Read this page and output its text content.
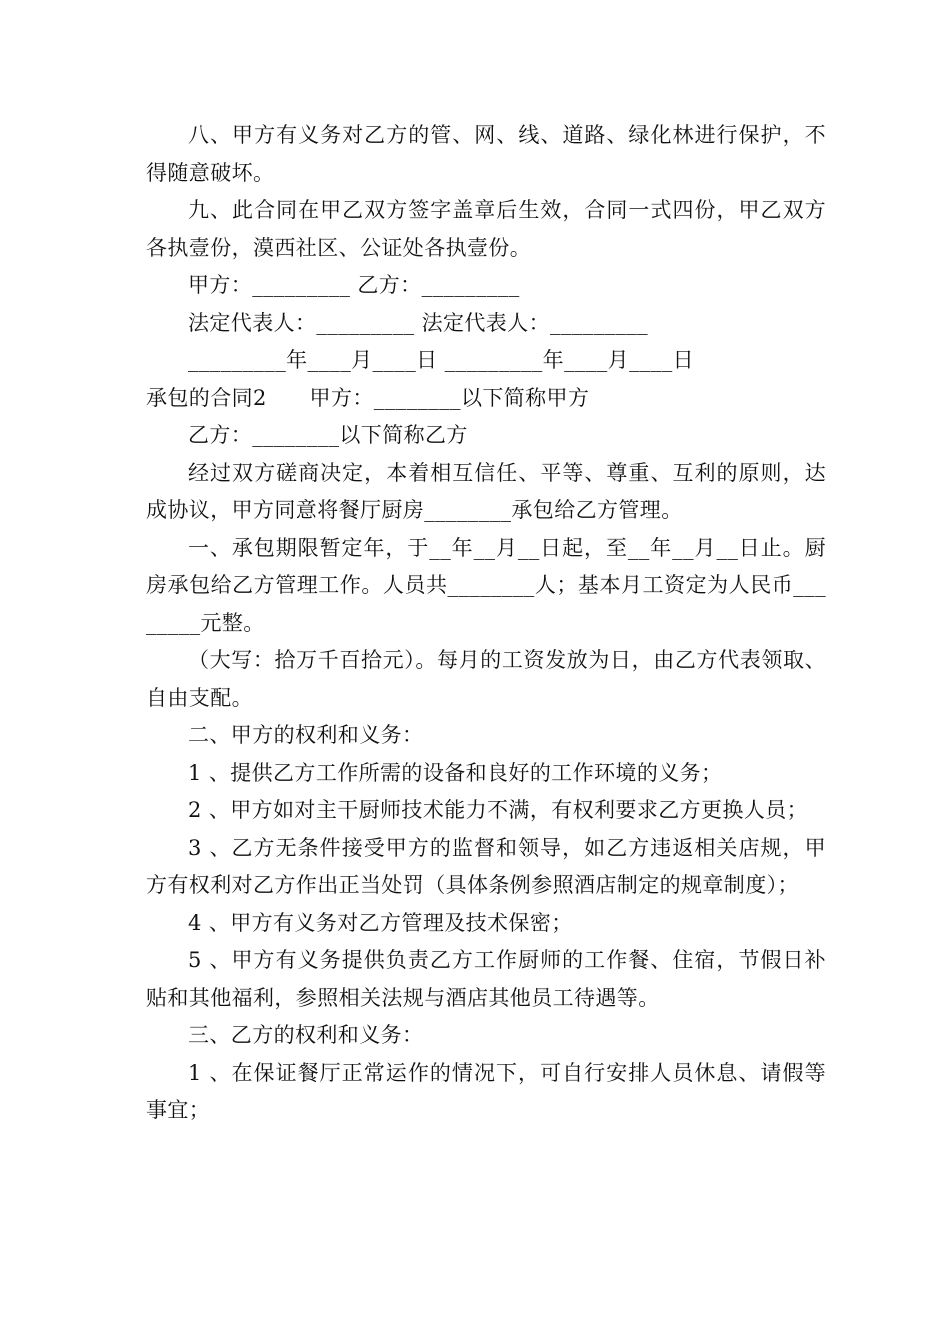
八、甲方有义务对乙方的管、网、线、道路、绿化林进行保护，不得随意破坏。

九、此合同在甲乙双方签字盖章后生效，合同一式四份，甲乙双方各执壹份，漠西社区、公证处各执壹份。

甲方：_________ 乙方：_________

法定代表人：_________ 法定代表人：_________

_________年____月____日 _________年____月____日

承包的合同2　　甲方：________以下简称甲方

乙方：________以下简称乙方

经过双方磋商决定，本着相互信任、平等、尊重、互利的原则，达成协议，甲方同意将餐厅厨房________承包给乙方管理。

一、承包期限暂定年，于__年__月__日起，至__年__月__日止。厨房承包给乙方管理工作。人员共________人；基本月工资定为人民币________元整。

（大写：拾万千百拾元）。每月的工资发放为日，由乙方代表领取、自由支配。

二、甲方的权利和义务：

1 、提供乙方工作所需的设备和良好的工作环境的义务；

2 、甲方如对主干厨师技术能力不满，有权利要求乙方更换人员；

3 、乙方无条件接受甲方的监督和领导，如乙方违返相关店规，甲方有权利对乙方作出正当处罚（具体条例参照酒店制定的规章制度）；

4 、甲方有义务对乙方管理及技术保密；

5 、甲方有义务提供负责乙方工作厨师的工作餐、住宿，节假日补贴和其他福利，参照相关法规与酒店其他员工待遇等。

三、乙方的权利和义务：

1 、在保证餐厅正常运作的情况下，可自行安排人员休息、请假等事宜；
